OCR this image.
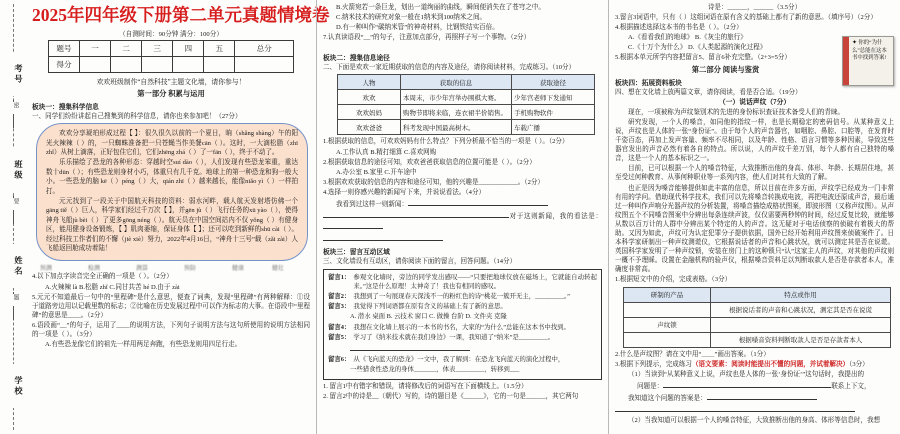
考号
密
班级
要
姓名
题
学校
2025年四年级下册第二单元真题情境卷
（自测时间：90分钟 满分：100分）
题号	一	二	三	四	五	总分
得分						
欢欢班级制作“自然科技”主题文化墙，请你参与！
第一部分 积累与运用
板块一：搜集科学信息
一、同学们纷纷讲起自己搜集到的科学信息，请你也来参加吧！（27分）
欢欢分享琥珀形成过程【 】：很久很久以前的一个夏日，晌（shǎng shàng）午的阳光火辣辣（ ）的，一只蜘蛛准备把一只苍蝇当作美餐cān（ ）。这时，一大滴松脂（zhī zhǐ）从树上滴落，正好包住它们，它们zhēng zhá（ ）了一fān（ ），终于不动了。
乐乐描绘了恐龙的各种形态：穿越时空suí dào（ ），人们发现有些恐龙笨重，重达数十dūn（ ）；有些恐龙则身材小巧，体重只有几千克。地球上的第一种恐龙和狗一般大小。一些恐龙的脑 kē（ ）péng（ ）大，qián zhī（ ）越来越长，能像niǎo yì（ ）一样拍打。
元元找到了一段关于中国航天科技的资料：弱水河畔，载人航天发射塔仿佛一个gāng tiě（ ）巨人，科学家们经过千万次【 】，并gēn jù（ ）飞行任务的xū yào（ ），使得神舟飞船jù bèi（ ）了更多gōng néng（ ）。航天员在中国空间站内不仅 yǒng（ ）有健身区，能用健身设备锻炼，【 】肌肉萎缩，保证身体【 】；还可以吃到新鲜的shū cài（ ）。经过科技工作者们的不懈（jiè xiè）努力，2022年4月16日，“神舟十三号”载（zǎi zài）人飞船返回舱成功着陆！
预测	检测	测算	预防	健康	健壮
4.以下加点字读音完全正确的一项是（ ）。（2分）
A.火辣辣 là B.松脂 zhǐ C.同甘共苦 hé D.由于 zài
5.元元不知道最后一句中的“里程碑”是什么意思，便查了词典，发现“里程碑”有两种解释：①设于道路旁边用以记载里数的标志；②比喻在历史发展过程中可以作为标志的大事。在语段中“里程碑”的意思是____。（2分）
6.语段画“__”的句子，运用了____的说明方法，下列句子说明方法与这句所使用的说明方法相同的一项是（ ）。（3分）
A.有些恐龙像它们的祖先一样用两足奔跑，有些恐龙则用四足行走。
B.火箭宛若一条巨龙，划出一道绚丽的曲线，瞬间便消失在了苍穹之中。
C.纳米技术的研究对象一般在1纳米到100纳米之间。
D.有一种叫作“碳纳米管”的神奇材料，比钢铁结实百倍。
7.认真读语段“__”的句子，注意加点部分，再照样子写一个事物。（2分）
板块二：搜集信息途径
二、下面是欢欢一家近期获取的信息的内容及途径，请你阅读材料，完成练习。（10分）
人物	获取的信息	获取途径
欢欢	本周末，市少年宫举办围棋大赛。	少年宫老师下发通知
欢欢妈妈	购物节即将来临，连衣裙半价销售。	手机购物软件
欢欢爸爸	科考发现中国最高树木。	车载广播
1.根据获取的信息，可欢欢妈妈有什么特点？下列分析最不恰当的一项是（ ）。（2分）
A.工作认真 B.精打细算 C.喜欢网购
2.根据获取信息的途径可知，欢欢爸爸获取信息的位置可能是（ ）。（2分）
A.办公室 B.家里 C.开车途中
3.根据欢欢获取的信息的内容和途径可知，他的兴趣是____________。（2分）
4.选择一则你感兴趣的新闻写下来，并说说看法。（4分）
我看到过这样一则新闻：
对于这则新闻，我的看法是：
板块三：留言互动区域
三、文化墙设有互动区，请你阅读下面的留言，回答问题。（14分）
留言1： 参观文化墙时，旁边的同学发出感叹——“只要把地球仪放在磁场上，它就能自动转起来。”这是什么原理！太神奇了！我也有相同的感叹。
留言2： 我想到了一句展现春天深浅不一的粉红色的诗“桃花一簇开无主，_________。”
留言3： 我觉得下列词语都在原有含义的基础上有了新的意思。
A. 潜水 桌面 B. 云技术 窗口 C. 做操 台阶 D. 文件夹 克隆
留言4： 我想在文化墙上展示的一本书的书名，大家的“为什么”总能在这本书中找到。
留言5： 学习了《纳米技术就在我们身边》一课，我知道了“纳米”是_________。
留言6： 从《飞向蓝天的恐龙》一文中，我了解到：在恐龙飞向蓝天的演化过程中，
一些猎食性恐龙的身体_______，体表_________，转移到___
1. 留言1中有错字和错误，请将修改后的词语写在下面横线上。（1.5分）
2. 留言2中的诗是__（朝代）写的，诗的题目是《______》，它的一句是______，其它两句
诗是：______，______（3.5分）
3.留言3词语中，只有（ ）这组词语在原有含义的基础上都有了新的意思。（填序号）（2分）
4.根据描述选择这本书的书名是（ ）。（2分）
A.《看看我们的地球》 B.《灰尘的旅行》
C.《十万个为什么》 D.《人类起源的演化过程》
5.根据本单元所学内容把留言5、留言6补充完整。（2+3=5分）
✦ 你的“为什么”总能在这本书中找到答案!
第二部分 阅读与鉴赏
板块四：拓展资料板块
四、想在文化墙上放两篇文章，请你阅读，看是否合适。（19分）
（一）说话声纹（7分）
现在，一项被称为声纹鉴别术的先进的身份标识查证技术备受人们的青睐。
研究发现，一个人的嗓音，如同他的指纹一样，也是长期稳定的密码信号。从某种意义上说，声纹也是人体的一张“身份证”。由于每个人的声音器官，如咽腔、鼻腔、口腔等，在发育时千姿百态，再加上发声容量、频率不尽相同，以及年龄、性格、语言习惯等多种因素，导致这些器官发出的声音必然有着各自的特点。所以说，人的声纹千差万别，每个人都有自己独特的嗓音，这是一个人的基本标识之一。
目前，已可以根据一个人的嗓音特征，大致推断出他的身高、体形、年龄、长期居住地，甚至受过何种教育、从事何种职业等一系列内容，使人们对其有大致的了解。
也正是因为嗓音能够提供如此丰富的信息，所以目前在许多方面，声纹学已经成为一门非常有用的学问。借助现代科学技术，我们可以先将嗓音转换成电波，再把电波还原成声音，最后通过一种叫作声响分光器声纹的分析装置，将嗓音描绘成格状图案，即波形图（又称声纹图）。从声纹图五个不同嗓音图案中分辨出每条连续声波，仅仅需要两秒钟的时间，经过反复比较，就能够从数以百万计的人群中分辨出某个特定的人的声音。这无疑对于电话侦察的侦破有着极大的帮助。又因为如此，声纹可为认定犯罪分子提供依据，国外已经开始利用声纹图来侦破案件了。日本科学家研制出一种声纹测谎仪，它根据说话者的声音和心跳状况，就可以测定其是否在说谎。英国科学家发明了一种声纹锁，安装在房门上的这种锁只“认”这家主人的声纹，对其他的声纹则一概不予理睬。设置在金融机构的验声仪，根据嗓音资料足以判断取款人是否是存款者本人，准确度非常高。
1.根据短文中的介绍，完成表格。（3分）
研制的产品	特点或作用
	根据说话者的声音和心跳状况，测定其是否在说谎
声纹锁	
	根据嗓音资料判断取款人是否是存款者本人
2.什么是声纹图？请在文中用“＿＿”画出答案。（1分）
3.根据下列提示，完成练习（语文要素：阅读时能提出不懂的问题，并试着解决）（3分）
（1）当读到“从某种意义上说，声纹也是人体的一张‘身份证’”这句话时，我提出的
问题是：	联系上下文，
我知道这个问题的答案是：
（2）当我知道可以根据一个人的嗓音特征，大致推断出他的身高、体形等信息时，我想
